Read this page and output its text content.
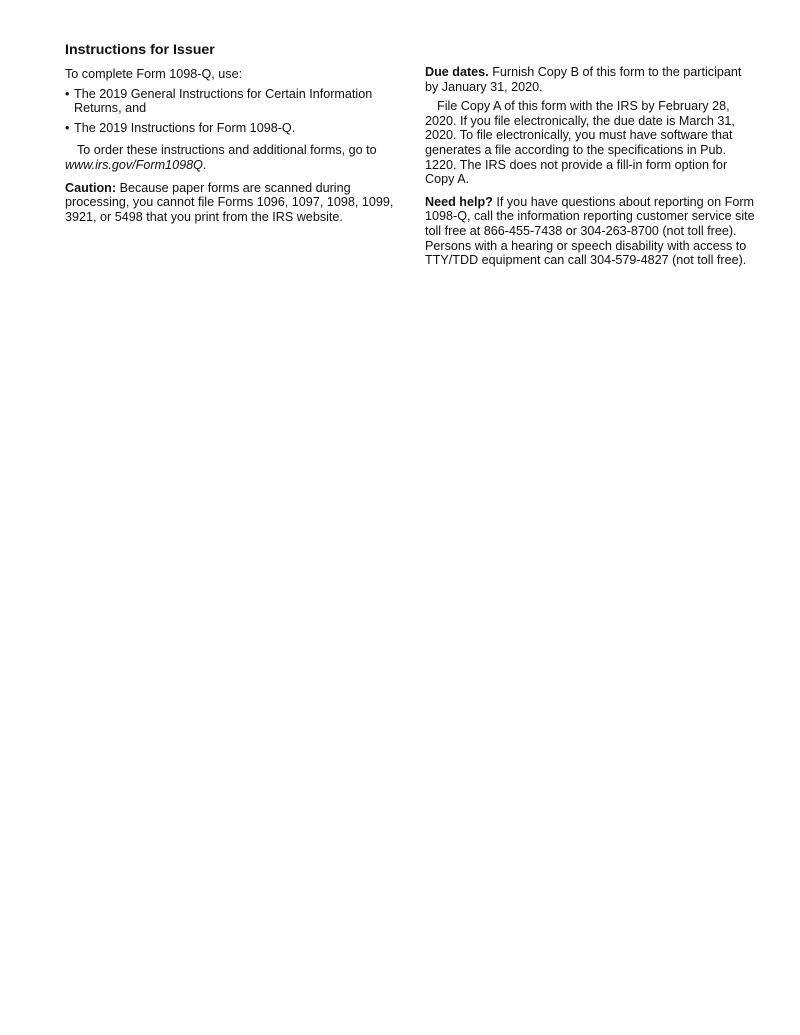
Instructions for Issuer

To complete Form 1098-Q, use:

• The 2019 General Instructions for Certain Information Returns, and
• The 2019 Instructions for Form 1098-Q.

To order these instructions and additional forms, go to www.irs.gov/Form1098Q.

Caution: Because paper forms are scanned during processing, you cannot file Forms 1096, 1097, 1098, 1099, 3921, or 5498 that you print from the IRS website.

Due dates. Furnish Copy B of this form to the participant by January 31, 2020.

File Copy A of this form with the IRS by February 28, 2020. If you file electronically, the due date is March 31, 2020. To file electronically, you must have software that generates a file according to the specifications in Pub. 1220. The IRS does not provide a fill-in form option for Copy A.

Need help? If you have questions about reporting on Form 1098-Q, call the information reporting customer service site toll free at 866-455-7438 or 304-263-8700 (not toll free). Persons with a hearing or speech disability with access to TTY/TDD equipment can call 304-579-4827 (not toll free).
